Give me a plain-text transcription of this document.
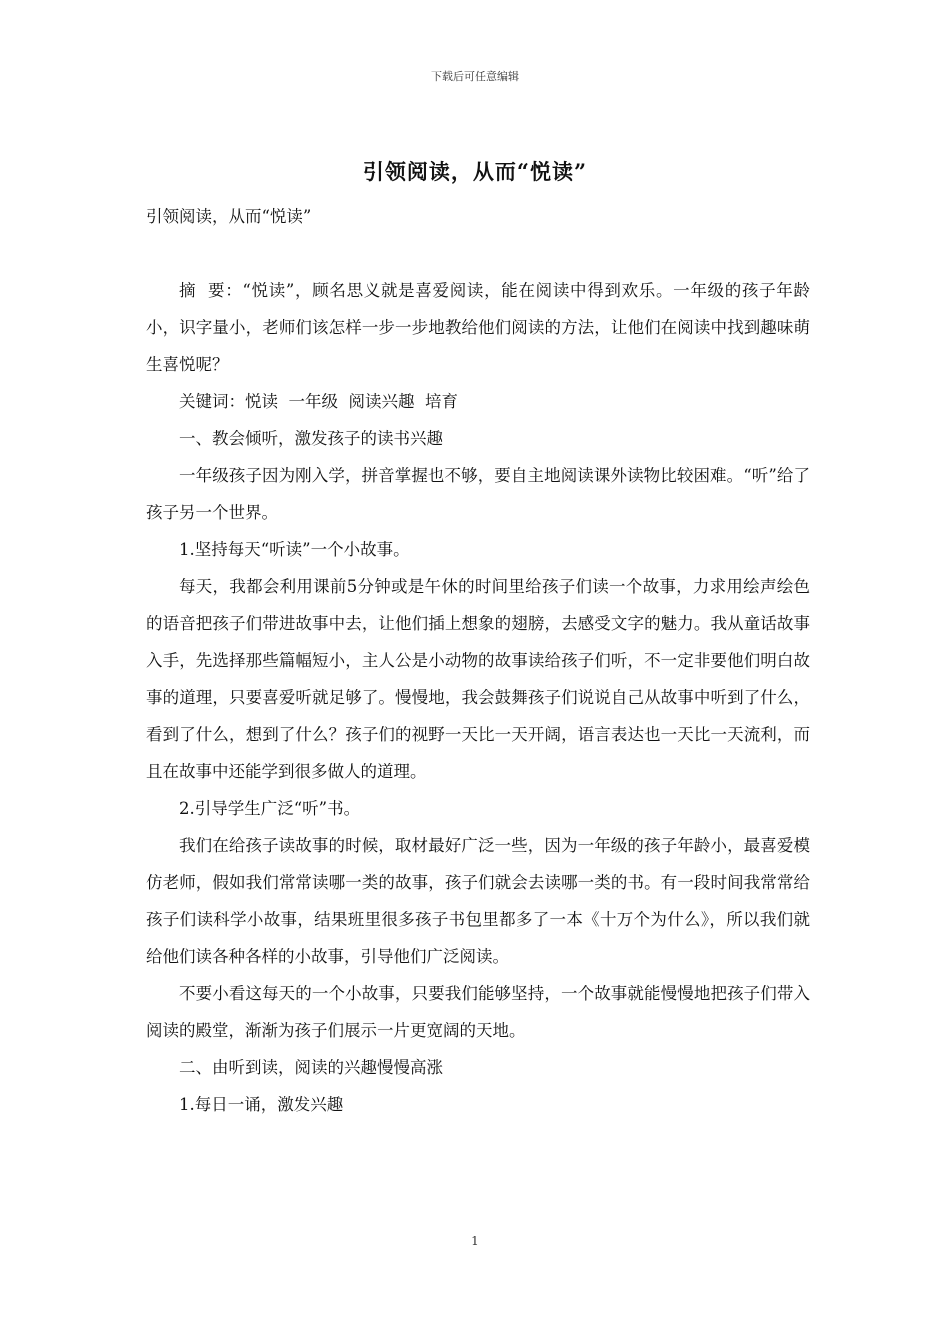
下载后可任意编辑
引领阅读，从而“悦读”

引领阅读，从而“悦读”

摘  要：“悦读”，顾名思义就是喜爱阅读，能在阅读中得到欢乐。一年级的孩子年龄小，识字量小，老师们该怎样一步一步地教给他们阅读的方法，让他们在阅读中找到趣味萌生喜悦呢？

关键词：悦读  一年级  阅读兴趣  培育

一、教会倾听，激发孩子的读书兴趣

一年级孩子因为刚入学，拼音掌握也不够，要自主地阅读课外读物比较困难。“听”给了孩子另一个世界。

1.坚持每天“听读”一个小故事。

每天，我都会利用课前5分钟或是午休的时间里给孩子们读一个故事，力求用绘声绘色的语音把孩子们带进故事中去，让他们插上想象的翅膀，去感受文字的魅力。我从童话故事入手，先选择那些篇幅短小，主人公是小动物的故事读给孩子们听，不一定非要他们明白故事的道理，只要喜爱听就足够了。慢慢地，我会鼓舞孩子们说说自己从故事中听到了什么，看到了什么，想到了什么？孩子们的视野一天比一天开阔，语言表达也一天比一天流利，而且在故事中还能学到很多做人的道理。

2.引导学生广泛“听”书。

我们在给孩子读故事的时候，取材最好广泛一些，因为一年级的孩子年龄小，最喜爱模仿老师，假如我们常常读哪一类的故事，孩子们就会去读哪一类的书。有一段时间我常常给孩子们读科学小故事，结果班里很多孩子书包里都多了一本《十万个为什么》，所以我们就给他们读各种各样的小故事，引导他们广泛阅读。

不要小看这每天的一个小故事，只要我们能够坚持，一个故事就能慢慢地把孩子们带入阅读的殿堂，渐渐为孩子们展示一片更宽阔的天地。

二、由听到读，阅读的兴趣慢慢高涨

1.每日一诵，激发兴趣

1
